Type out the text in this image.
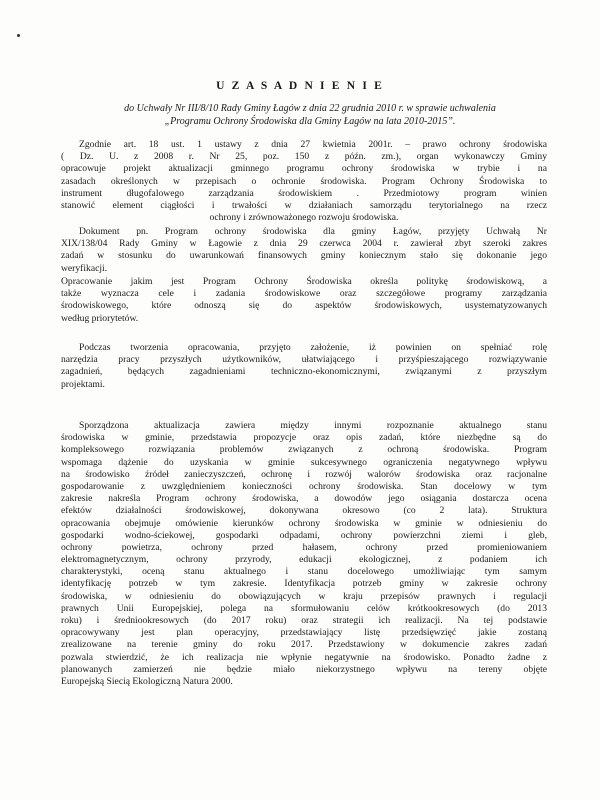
U Z A S A D N I E N I E
do Uchwały Nr III/8/10 Rady Gminy Łagów z dnia 22 grudnia 2010 r. w sprawie uchwalenia
„Programu Ochrony Środowiska dla Gminy Łagów na lata 2010-2015”.
Zgodnie art. 18 ust. 1 ustawy z dnia 27 kwietnia 2001r. – prawo ochrony środowiska
( Dz. U. z 2008 r. Nr 25, poz. 150 z późn. zm.), organ wykonawczy Gminy
opracowuje projekt aktualizacji gminnego programu ochrony środowiska w trybie i na
zasadach określonych w przepisach o ochronie środowiska. Program Ochrony Środowiska to
instrument długofalowego zarządzania środowiskiem . Przedmiotowy program winien
stanowić element ciągłości i trwałości w działaniach samorządu terytorialnego na rzecz
ochrony i zrównoważonego rozwoju środowiska.
Dokument pn. Program ochrony środowiska dla gminy Łagów, przyjęty Uchwałą Nr
XIX/138/04 Rady Gminy w Łagowie z dnia 29 czerwca 2004 r. zawierał zbyt szeroki zakres
zadań w stosunku do uwarunkowań finansowych gminy koniecznym stało się dokonanie jego
weryfikacji.
Opracowanie jakim jest Program Ochrony Środowiska określa politykę środowiskową, a
także wyznacza cele i zadania środowiskowe oraz szczegółowe programy zarządzania
środowiskowego, które odnoszą się do aspektów środowiskowych, usystematyzowanych
według priorytetów.
Podczas tworzenia opracowania, przyjęto założenie, iż powinien on spełniać rolę
narzędzia pracy przyszłych użytkowników, ułatwiającego i przyśpieszającego rozwiązywanie
zagadnień, będących zagadnieniami techniczno-ekonomicznymi, związanymi z przyszłym
projektami.
Sporządzona aktualizacja zawiera między innymi rozpoznanie aktualnego stanu
środowiska w gminie, przedstawia propozycje oraz opis zadań, które niezbędne są do
kompleksowego rozwiązania problemów związanych z ochroną środowiska. Program
wspomaga dążenie do uzyskania w gminie sukcesywnego ograniczenia negatywnego wpływu
na środowisko źródeł zanieczyszczeń, ochronę i rozwój walorów środowiska oraz racjonalne
gospodarowanie z uwzględnieniem konieczności ochrony środowiska. Stan docelowy w tym
zakresie nakreśla Program ochrony środowiska, a dowodów jego osiągania dostarcza ocena
efektów działalności środowiskowej, dokonywana okresowo (co 2 lata). Struktura
opracowania obejmuje omówienie kierunków ochrony środowiska w gminie w odniesieniu do
gospodarki wodno-ściekowej, gospodarki odpadami, ochrony powierzchni ziemi i gleb,
ochrony powietrza, ochrony przed hałasem, ochrony przed promieniowaniem
elektromagnetycznym, ochrony przyrody, edukacji ekologicznej, z podaniem ich
charakterystyki, oceną stanu aktualnego i stanu docelowego umożliwiając tym samym
identyfikację potrzeb w tym zakresie. Identyfikacja potrzeb gminy w zakresie ochrony
środowiska, w odniesieniu do obowiązujących w kraju przepisów prawnych i regulacji
prawnych Unii Europejskiej, polega na sformułowaniu celów krótkookresowych (do 2013
roku) i średniookresowych (do 2017 roku) oraz strategii ich realizacji. Na tej podstawie
opracowywany jest plan operacyjny, przedstawiający listę przedsięwzięć jakie zostaną
zrealizowane na terenie gminy do roku 2017. Przedstawiony w dokumencie zakres zadań
pozwala stwierdzić, że ich realizacja nie wpłynie negatywnie na środowisko. Ponadto żadne z
planowanych zamierzeń nie będzie miało niekorzystnego wpływu na tereny objęte
Europejską Siecią Ekologiczną Natura 2000.
